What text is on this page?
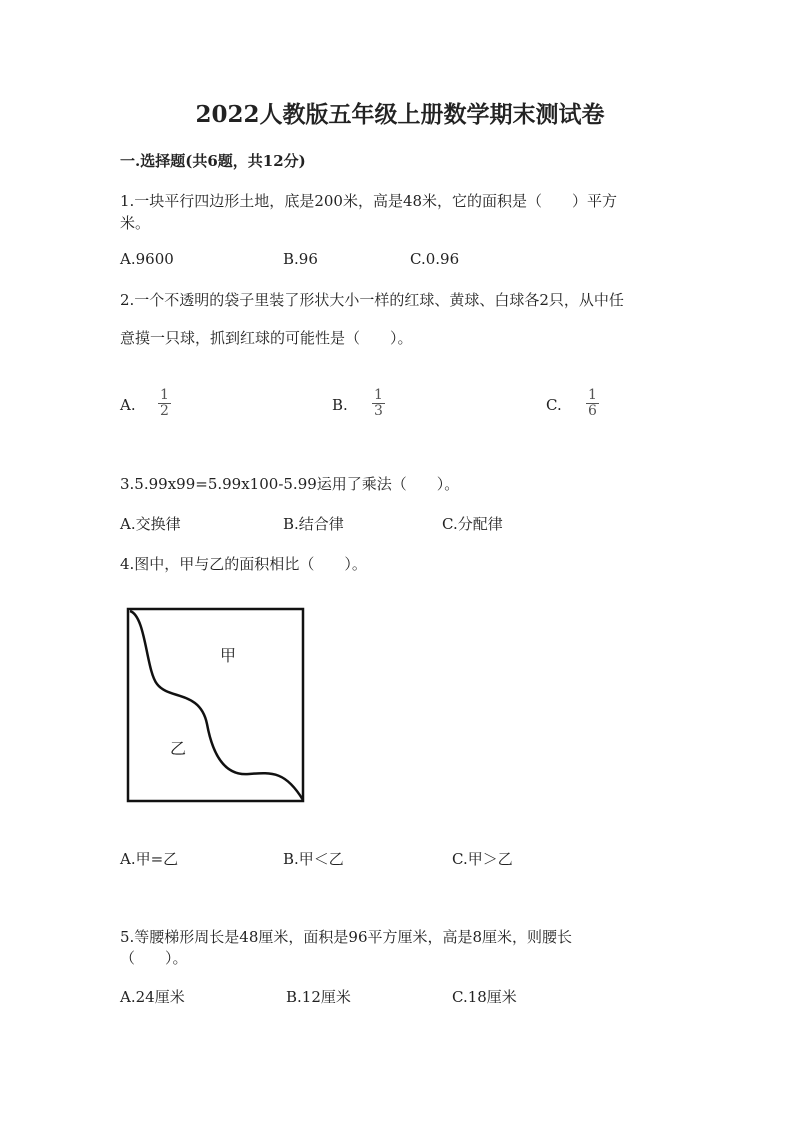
2022人教版五年级上册数学期末测试卷
一.选择题(共6题，共12分)
1.一块平行四边形土地，底是200米，高是48米，它的面积是（　　）平方
米。
A.9600	B.96	C.0.96
2.一个不透明的袋子里装了形状大小一样的红球、黄球、白球各2只，从中任
意摸一只球，抓到红球的可能性是（　　）。
A. $\frac{1}{2}$	B. $\frac{1}{3}$	C. $\frac{1}{6}$
3.5.99x99=5.99x100-5.99运用了乘法（　　）。
A.交换律	B.结合律	C.分配律
4.图中，甲与乙的面积相比（　　）。
甲
乙
A.甲=乙	B.甲＜乙	C.甲＞乙
5.等腰梯形周长是48厘米，面积是96平方厘米，高是8厘米，则腰长
（　　）。
A.24厘米	B.12厘米	C.18厘米
